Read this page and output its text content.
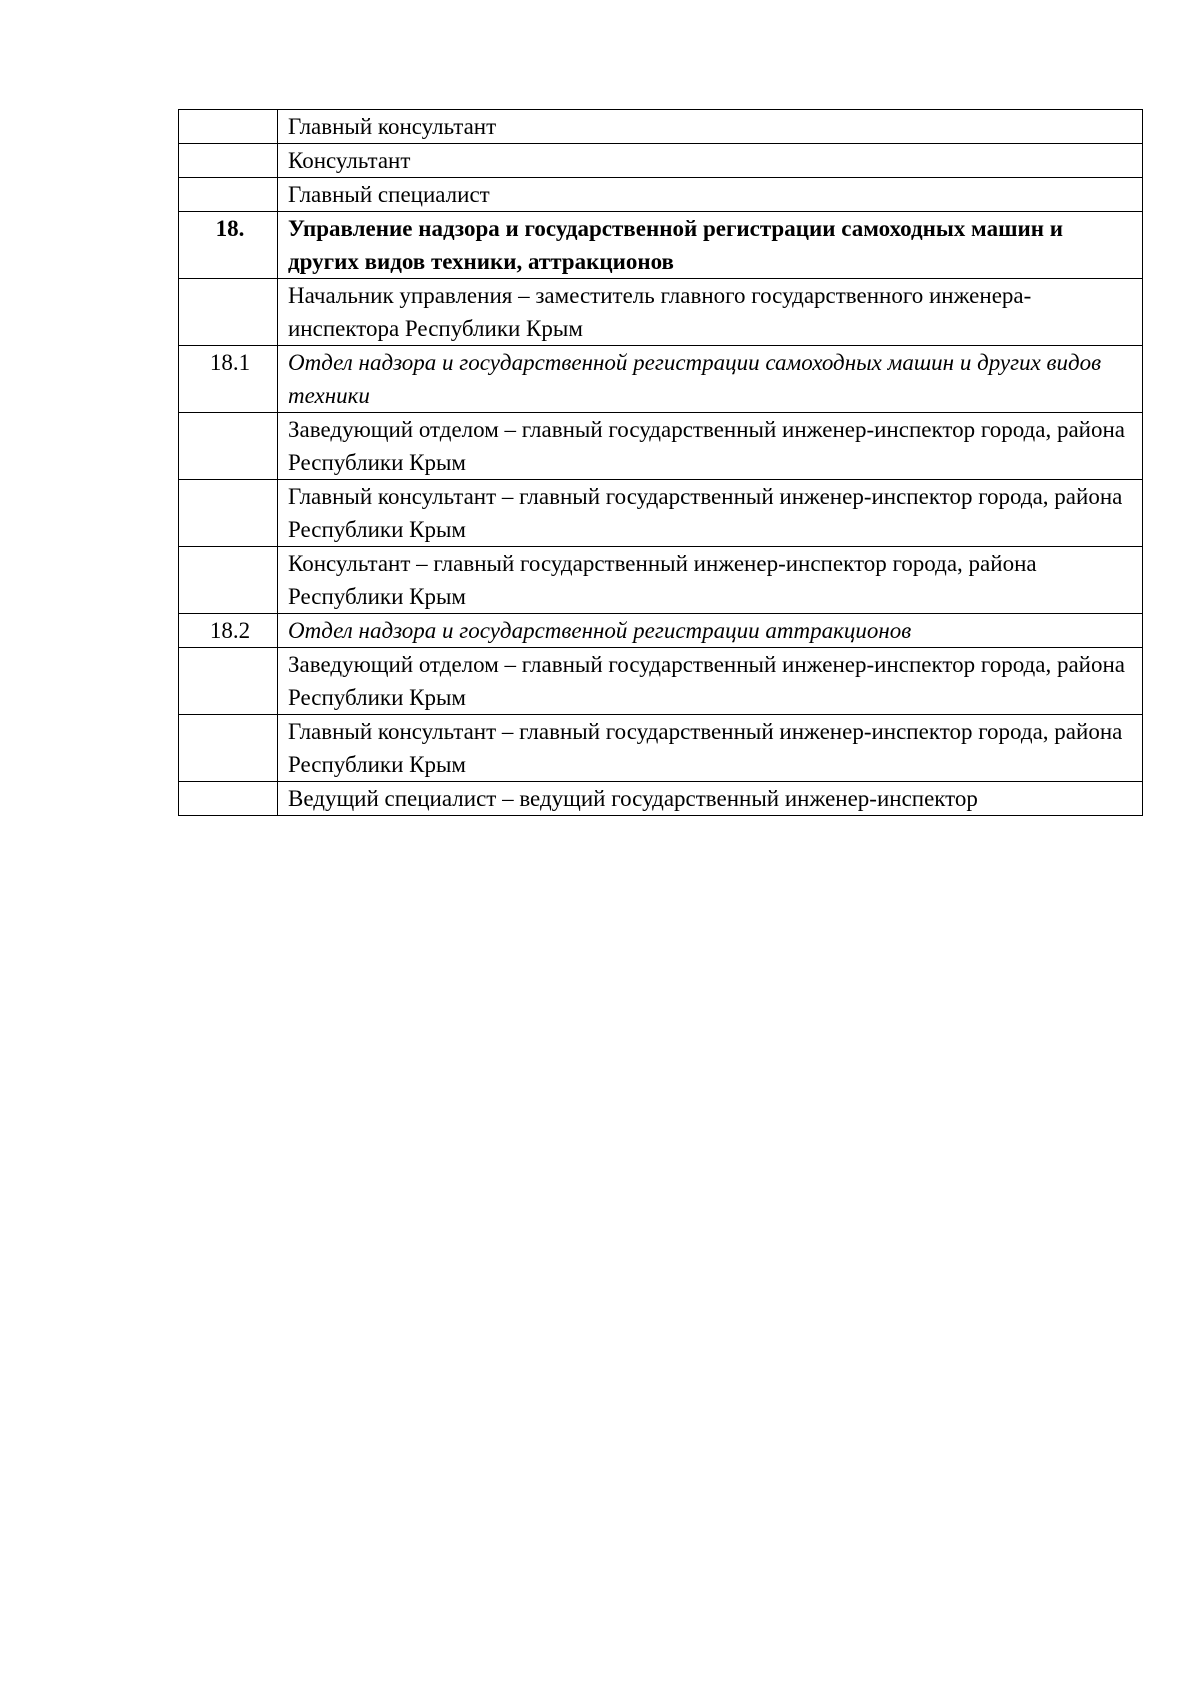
	Главный консультант
	Консультант
	Главный специалист
18.	Управление надзора и государственной регистрации самоходных машин и других видов техники, аттракционов
	Начальник управления – заместитель главного государственного инженера-инспектора Республики Крым
18.1	Отдел надзора и государственной регистрации самоходных машин и других видов техники
	Заведующий отделом – главный государственный инженер-инспектор города, района Республики Крым
	Главный консультант – главный государственный инженер-инспектор города, района Республики Крым
	Консультант – главный государственный инженер-инспектор города, района Республики Крым
18.2	Отдел надзора и государственной регистрации аттракционов
	Заведующий отделом – главный государственный инженер-инспектор города, района Республики Крым
	Главный консультант – главный государственный инженер-инспектор города, района Республики Крым
	Ведущий специалист – ведущий государственный инженер-инспектор
